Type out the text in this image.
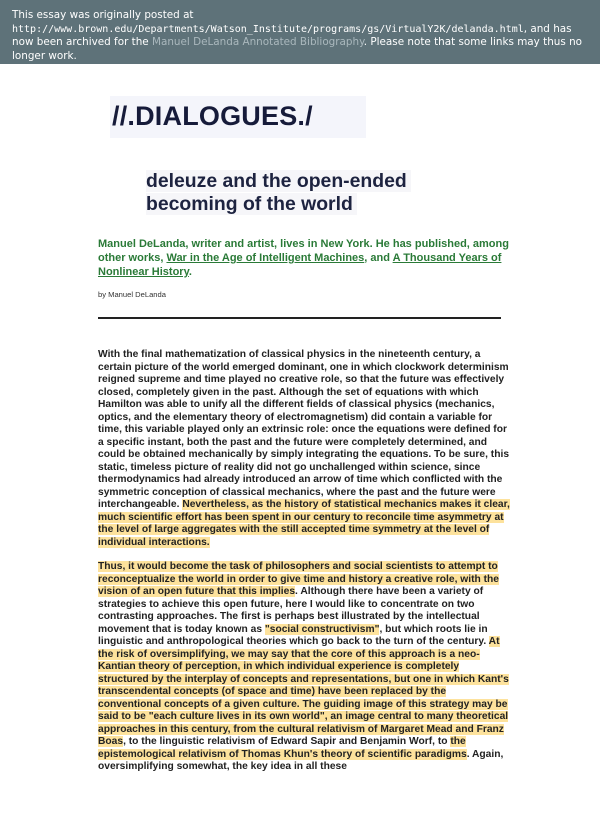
This essay was originally posted at
http://www.brown.edu/Departments/Watson_Institute/programs/gs/VirtualY2K/delanda.html, and has now been archived for the Manuel DeLanda Annotated Bibliography. Please note that some links may thus no longer work.
//.DIALOGUES./
deleuze and the open-ended
becoming of the world
Manuel DeLanda, writer and artist, lives in New York. He has published, among other works, War in the Age of Intelligent Machines, and A Thousand Years of Nonlinear History.
by Manuel DeLanda

With the final mathematization of classical physics in the nineteenth century, a certain picture of the world emerged dominant, one in which clockwork determinism reigned supreme and time played no creative role, so that the future was effectively closed, completely given in the past. Although the set of equations with which Hamilton was able to unify all the different fields of classical physics (mechanics, optics, and the elementary theory of electromagnetism) did contain a variable for time, this variable played only an extrinsic role: once the equations were defined for a specific instant, both the past and the future were completely determined, and could be obtained mechanically by simply integrating the equations. To be sure, this static, timeless picture of reality did not go unchallenged within science, since thermodynamics had already introduced an arrow of time which conflicted with the symmetric conception of classical mechanics, where the past and the future were interchangeable. Nevertheless, as the history of statistical mechanics makes it clear, much scientific effort has been spent in our century to reconcile time asymmetry at the level of large aggregates with the still accepted time symmetry at the level of individual interactions.

Thus, it would become the task of philosophers and social scientists to attempt to reconceptualize the world in order to give time and history a creative role, with the vision of an open future that this implies. Although there have been a variety of strategies to achieve this open future, here I would like to concentrate on two contrasting approaches. The first is perhaps best illustrated by the intellectual movement that is today known as "social constructivism", but which roots lie in linguistic and anthropological theories which go back to the turn of the century. At the risk of oversimplifying, we may say that the core of this approach is a neo-Kantian theory of perception, in which individual experience is completely structured by the interplay of concepts and representations, but one in which Kant's transcendental concepts (of space and time) have been replaced by the conventional concepts of a given culture. The guiding image of this strategy may be said to be "each culture lives in its own world", an image central to many theoretical approaches in this century, from the cultural relativism of Margaret Mead and Franz Boas, to the linguistic relativism of Edward Sapir and Benjamin Worf, to the epistemological relativism of Thomas Khun's theory of scientific paradigms. Again, oversimplifying somewhat, the key idea in all these
